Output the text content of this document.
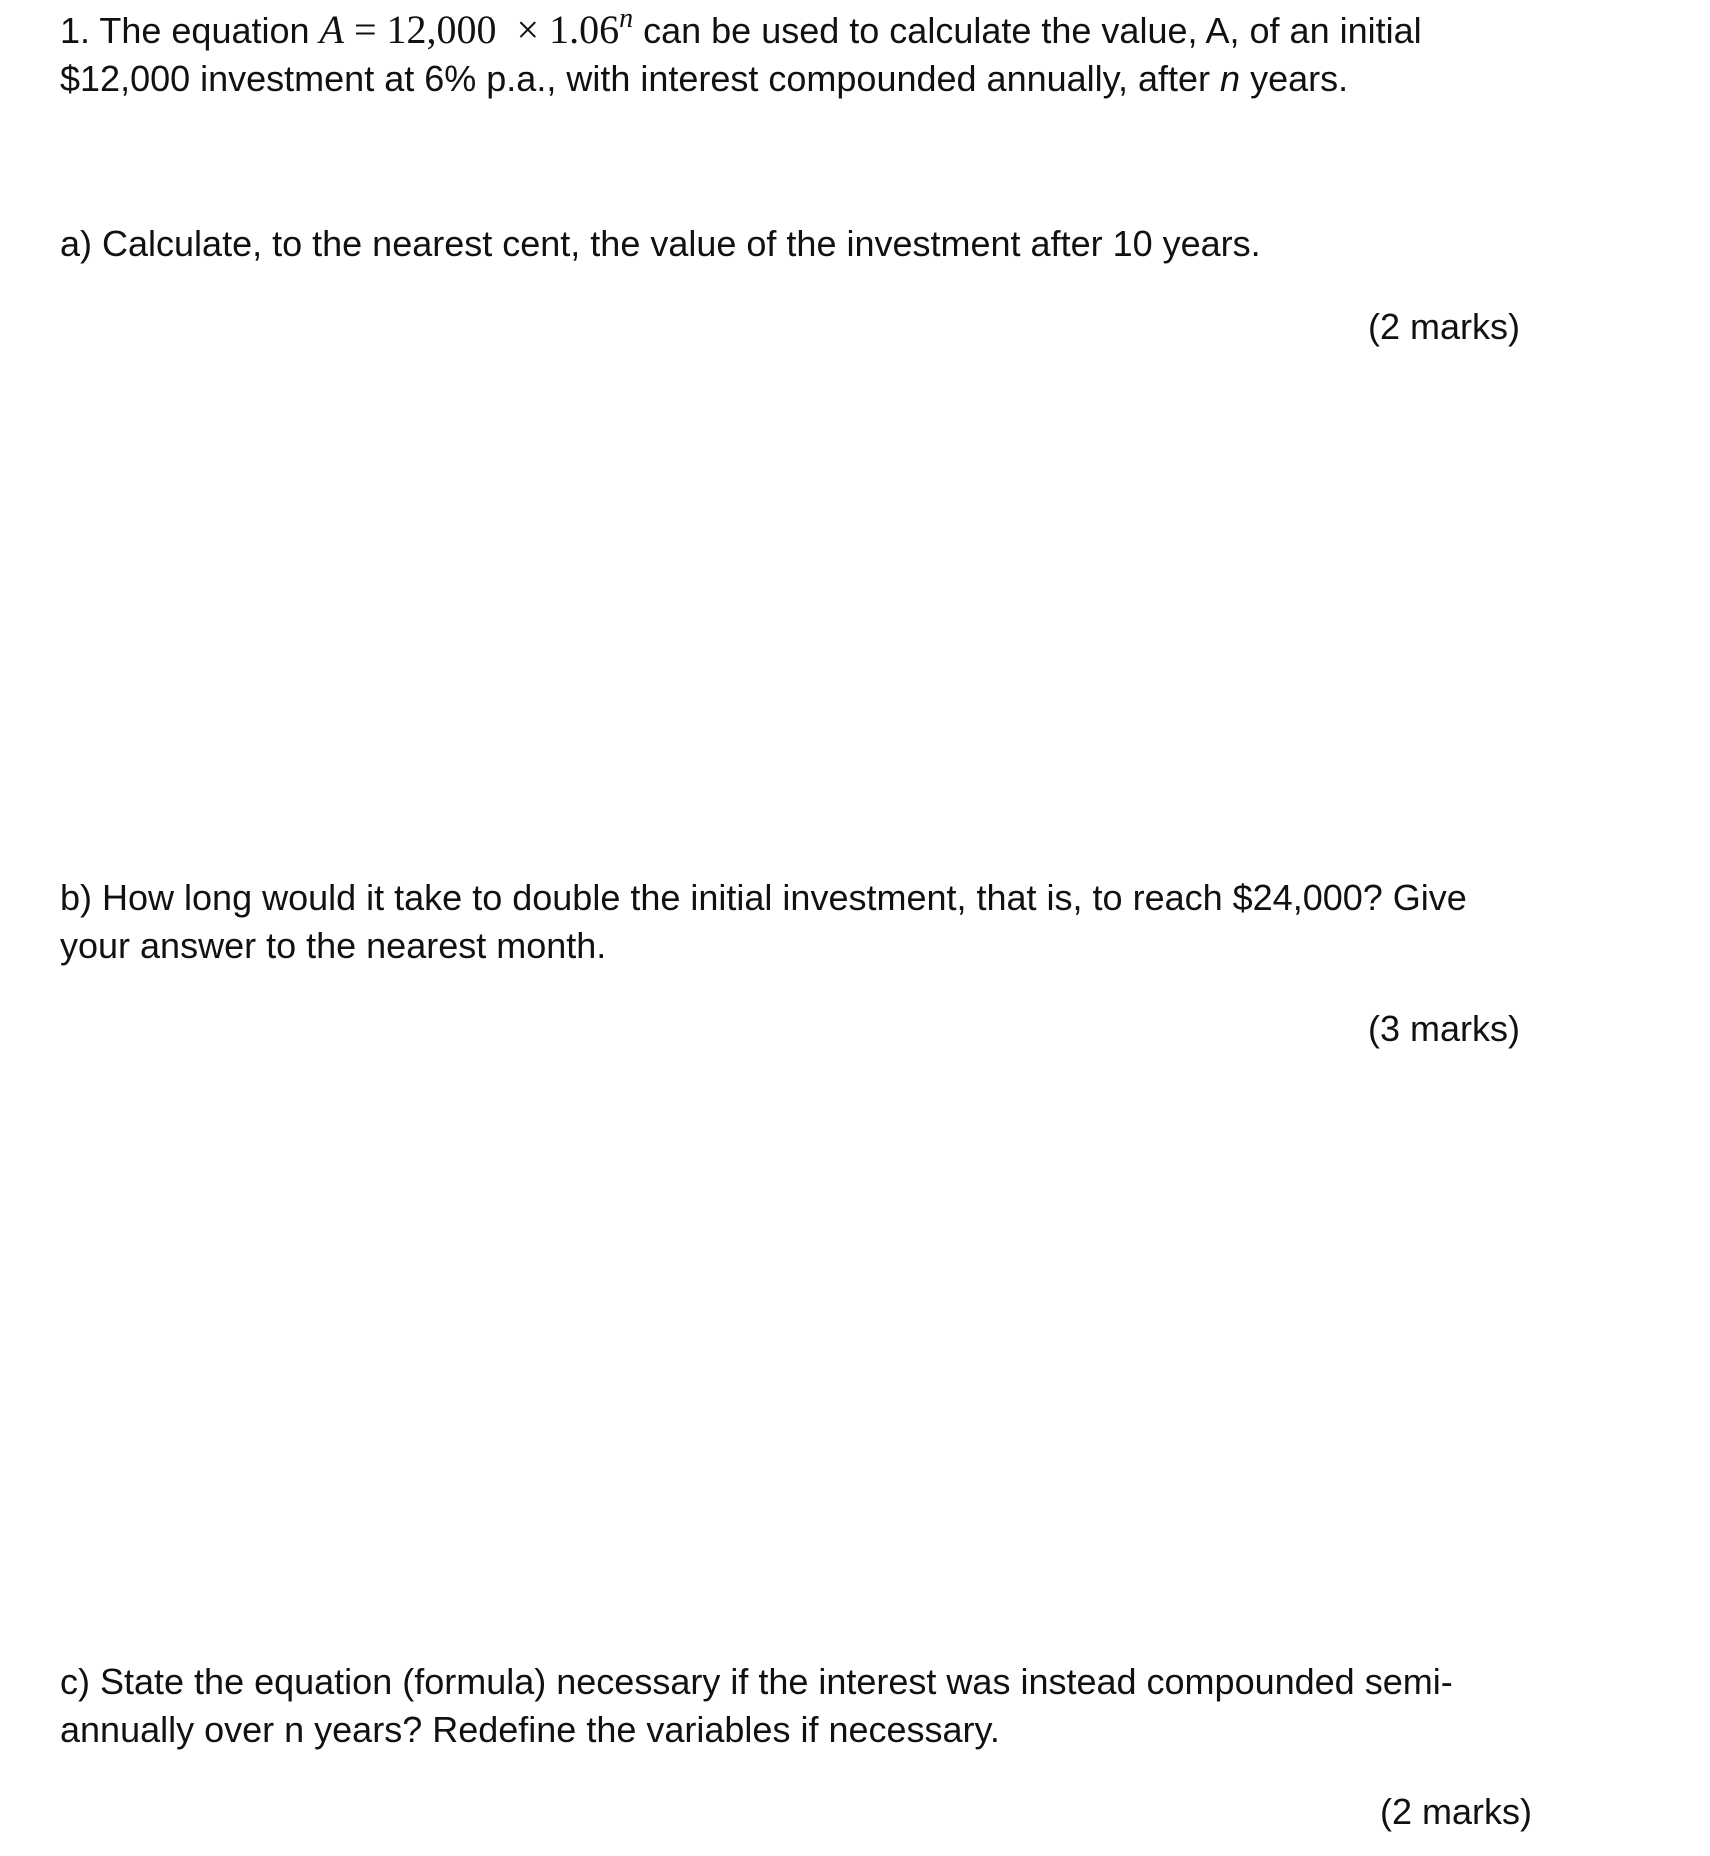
1. The equation $A = 12,000 \times 1.06^n$ can be used to calculate the value, A, of an initial
$12,000 investment at 6% p.a., with interest compounded annually, after n years.
a) Calculate, to the nearest cent, the value of the investment after 10 years.
(2 marks)
b) How long would it take to double the initial investment, that is, to reach $24,000? Give
your answer to the nearest month.
(3 marks)
c) State the equation (formula) necessary if the interest was instead compounded semi-
annually over n years? Redefine the variables if necessary.
(2 marks)
